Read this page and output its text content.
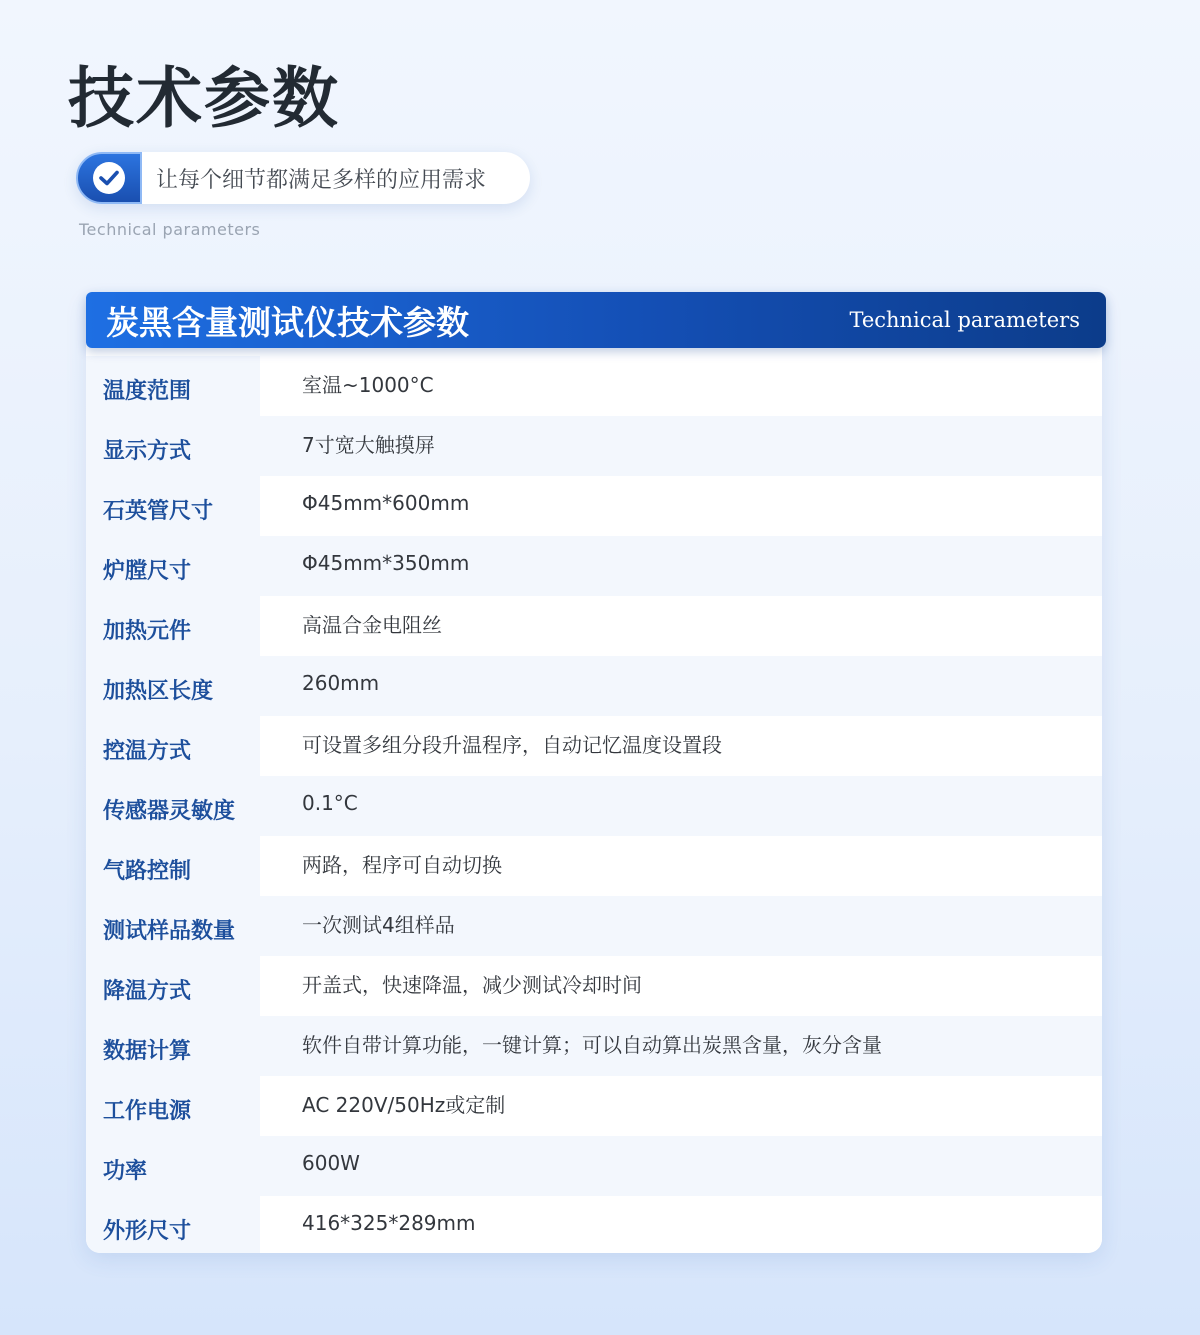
技术参数
让每个细节都满足多样的应用需求
Technical parameters
温度范围	室温~1000°C
显示方式	7寸宽大触摸屏
石英管尺寸	Φ45mm*600mm
炉膛尺寸	Φ45mm*350mm
加热元件	高温合金电阻丝
加热区长度	260mm
控温方式	可设置多组分段升温程序，自动记忆温度设置段
传感器灵敏度	0.1°C
气路控制	两路，程序可自动切换
测试样品数量	一次测试4组样品
降温方式	开盖式，快速降温，减少测试冷却时间
数据计算	软件自带计算功能，一键计算；可以自动算出炭黑含量，灰分含量
工作电源	AC 220V/50Hz或定制
功率	600W
外形尺寸	416*325*289mm
炭黑含量测试仪技术参数	Technical parameters
